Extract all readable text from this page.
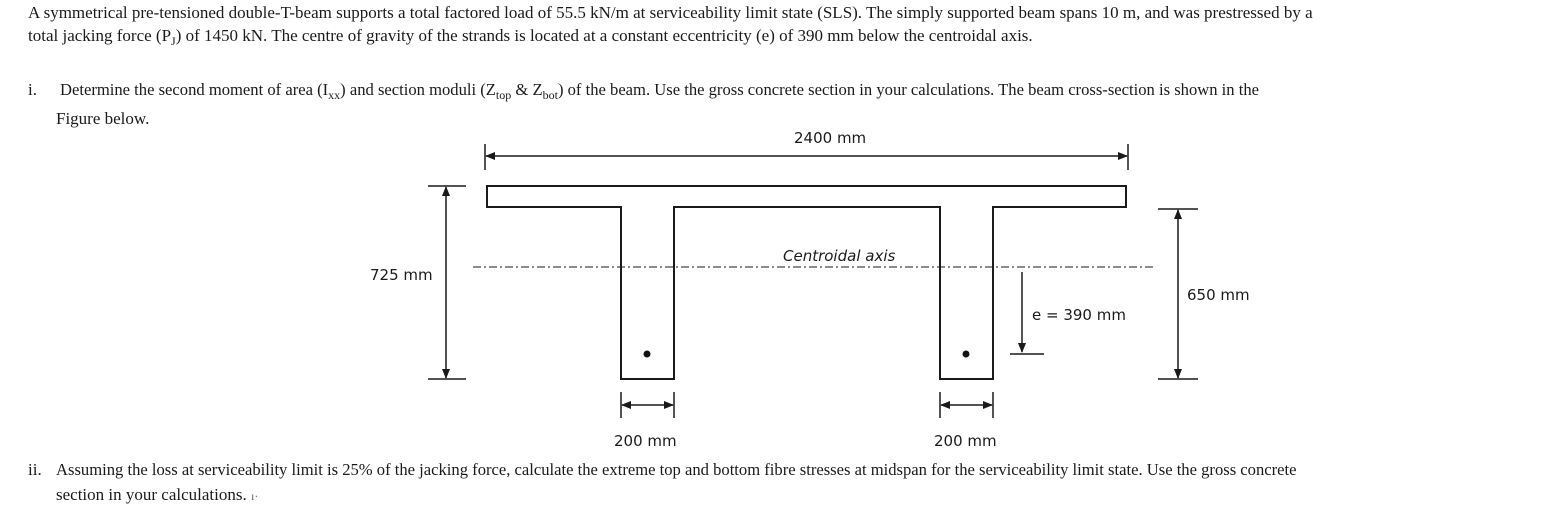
A symmetrical pre-tensioned double-T-beam supports a total factored load of 55.5 kN/m at serviceability limit state (SLS). The simply supported beam spans 10 m, and was prestressed by a
total jacking force $(P_J)$ of 1450 kN. The centre of gravity of the strands is located at a constant eccentricity (e) of 390 mm below the centroidal axis.
i. Determine the second moment of area $(I_{xx})$ and section moduli ($Z_{top}$ & $Z_{bot}$) of the beam. Use the gross concrete section in your calculations. The beam cross-section is shown in the
Figure below.
Centroidal axis
2400 mm
725 mm
650 mm
e = 390 mm
200 mm	200 mm
ii. Assuming the loss at serviceability limit is 25% of the jacking force, calculate the extreme top and bottom fibre stresses at midspan for the serviceability limit state. Use the gross concrete
section in your calculations. ı·
